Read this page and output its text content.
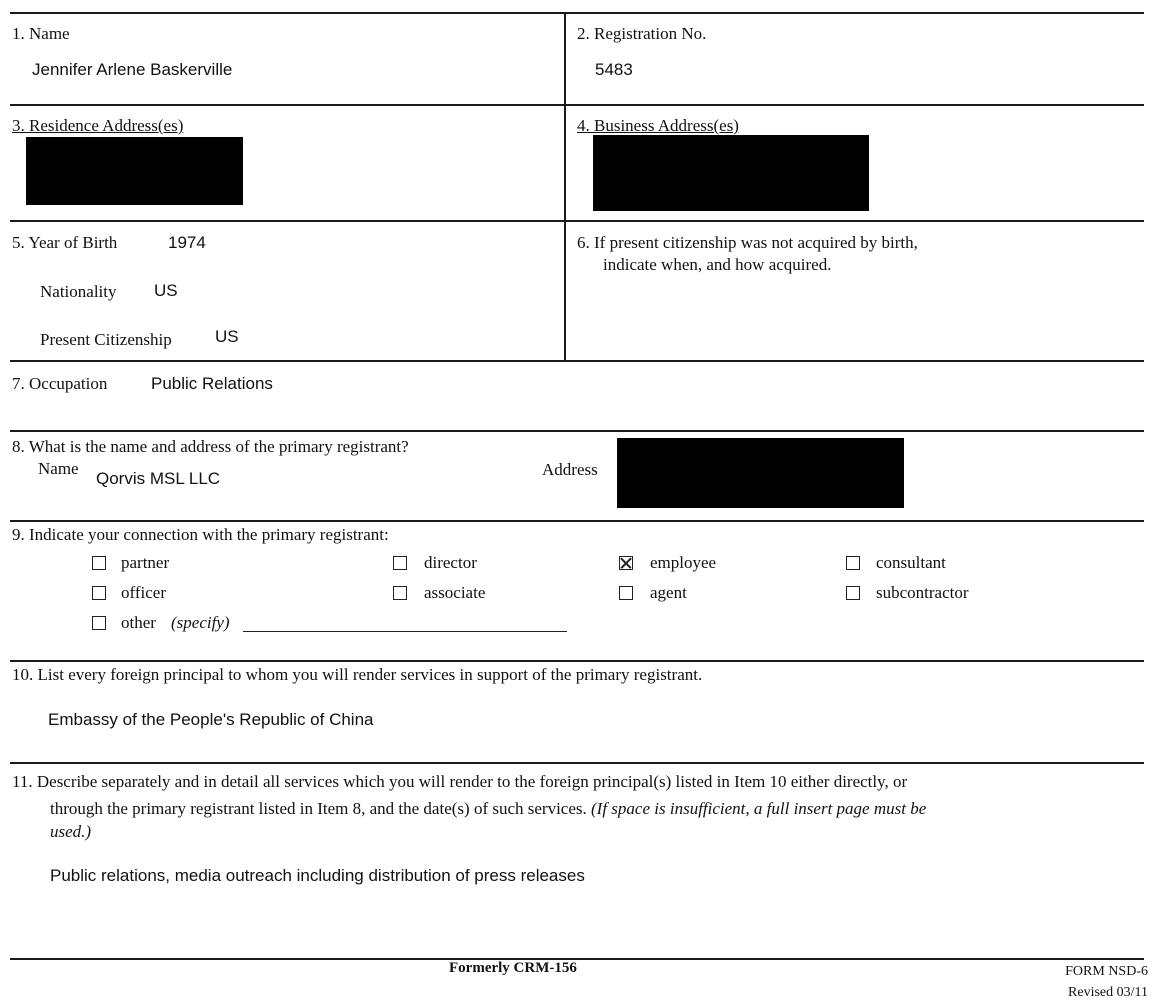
1. Name
Jennifer Arlene Baskerville
2. Registration No.
5483
3. Residence Address(es)	4. Business Address(es)
5. Year of Birth	1974
Nationality US
Present Citizenship	US
6. If present citizenship was not acquired by birth,
indicate when, and how acquired.
7. Occupation	Public Relations
8. What is the name and address of the primary registrant?
Name
Qorvis MSL LLC	Address
9. Indicate your connection with the primary registrant:
partner	director	employee	consultant
officer	associate	agent	subcontractor
other (specify)
10. List every foreign principal to whom you will render services in support of the primary registrant.
Embassy of the People's Republic of China
11. Describe separately and in detail all services which you will render to the foreign principal(s) listed in Item 10 either directly, or
through the primary registrant listed in Item 8, and the date(s) of such services. (If space is insufficient, a full insert page must be
used.)
Public relations, media outreach including distribution of press releases
Formerly CRM-156	FORM NSD-6
Revised 03/11
